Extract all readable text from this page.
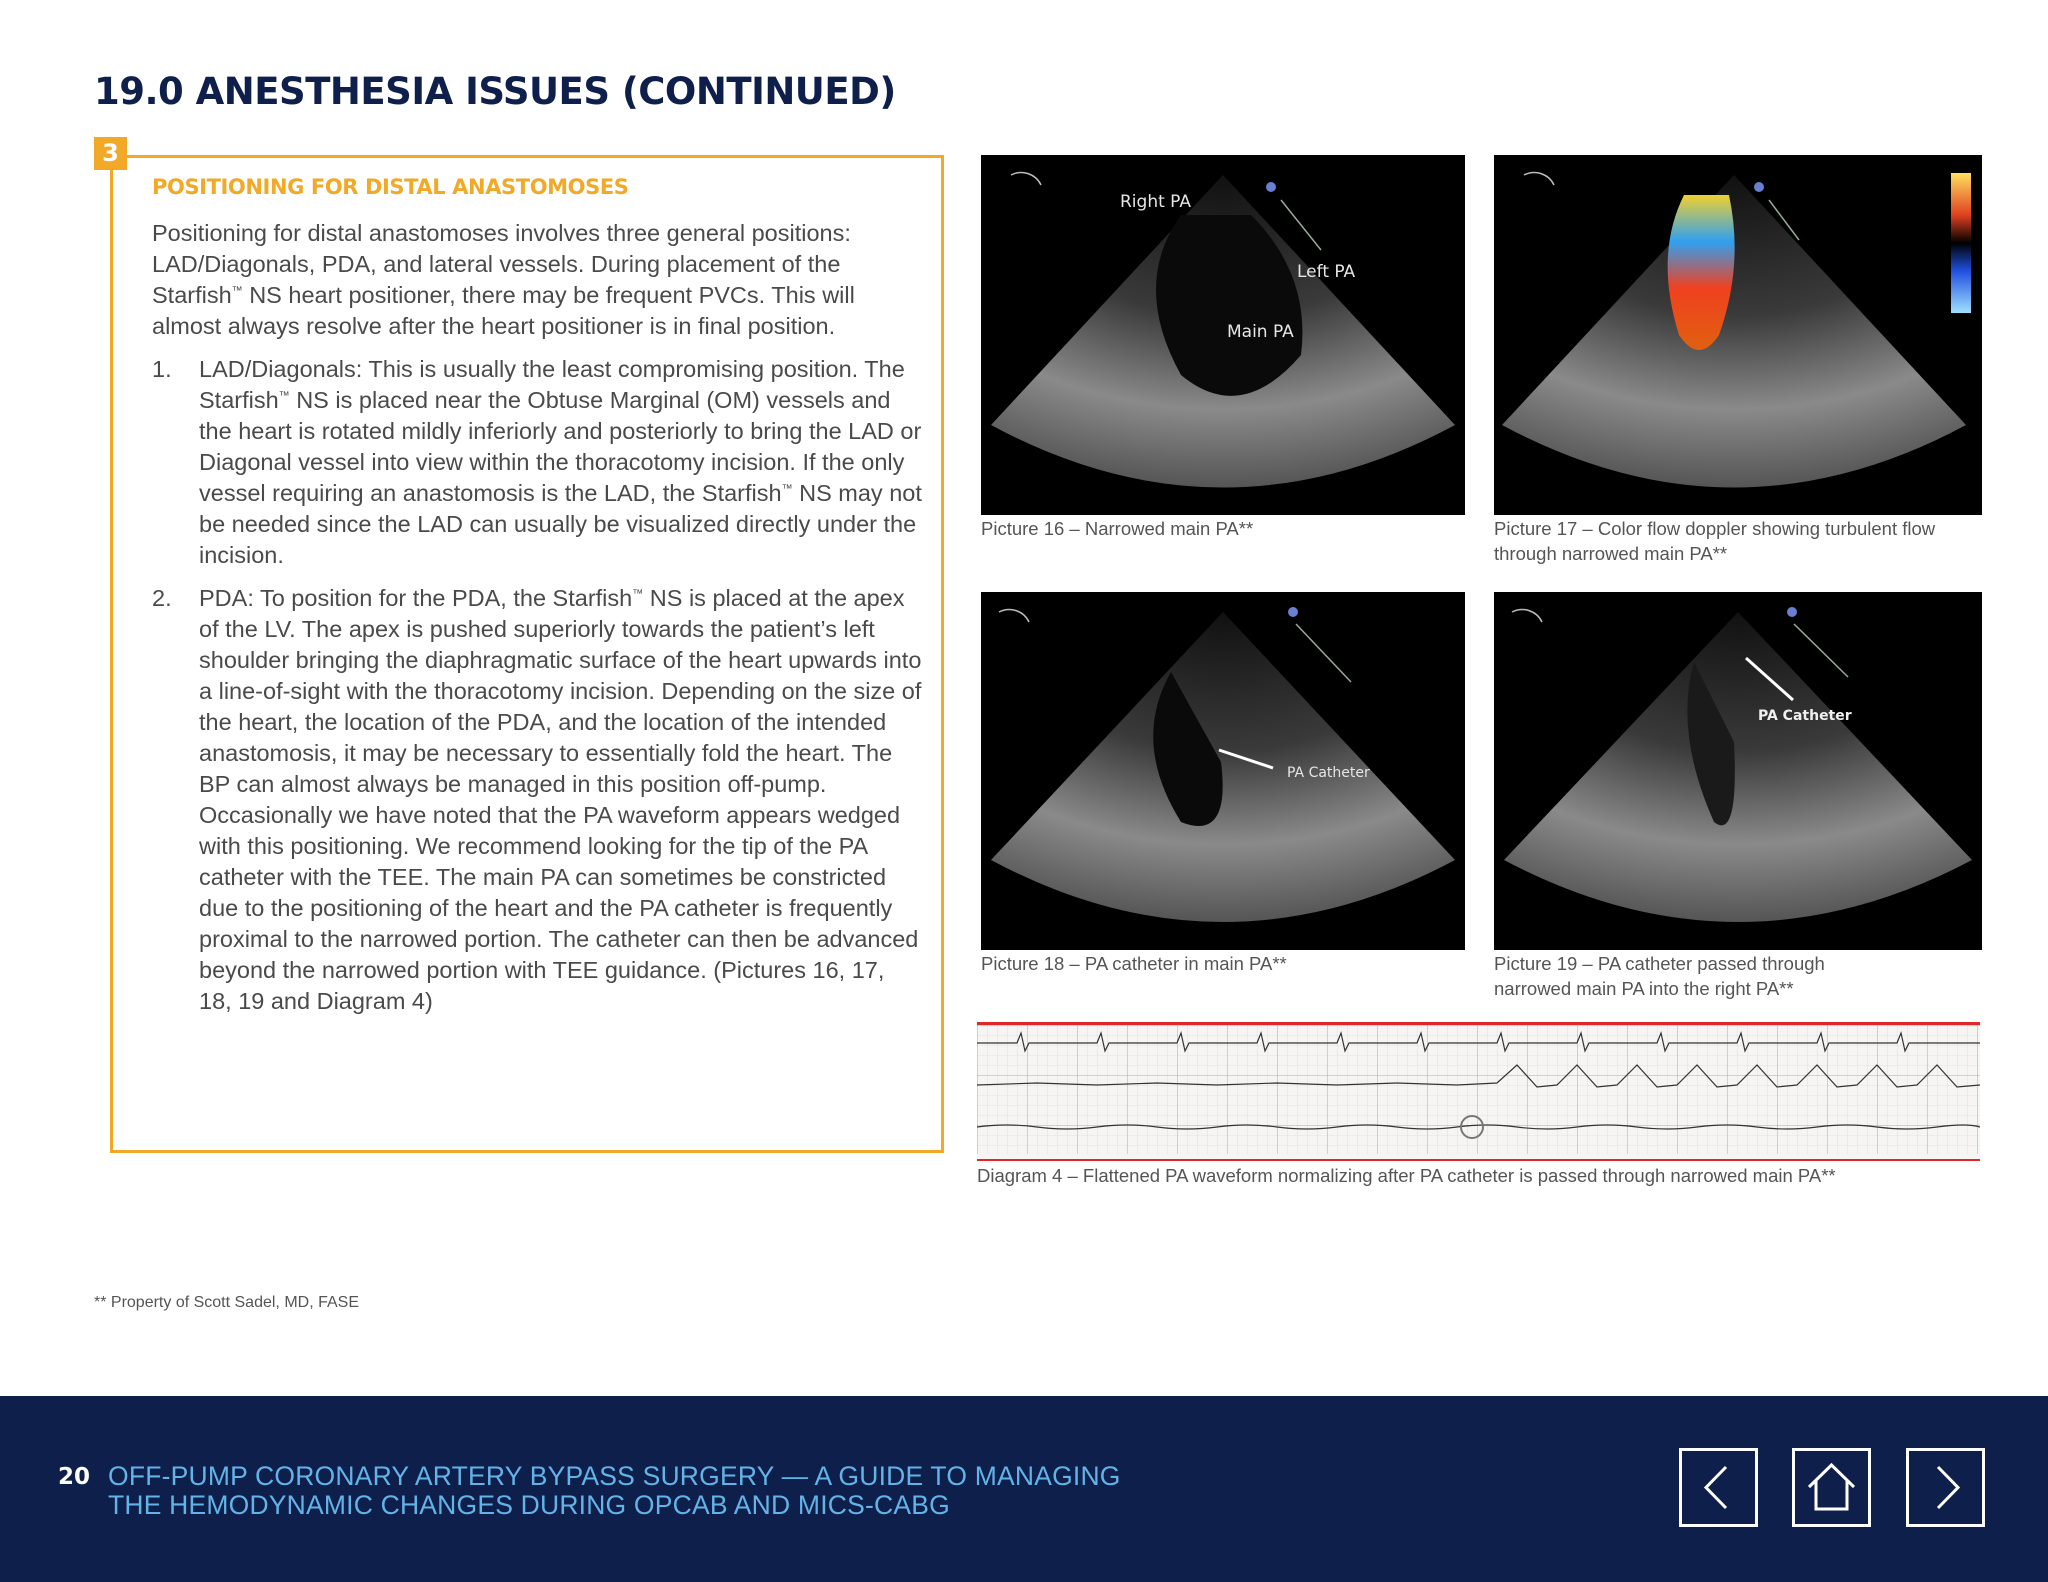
19.0 ANESTHESIA ISSUES (CONTINUED)
3
POSITIONING FOR DISTAL ANASTOMOSES

Positioning for distal anastomoses involves three general positions: LAD/Diagonals, PDA, and lateral vessels. During placement of the Starfish™ NS heart positioner, there may be frequent PVCs. This will almost always resolve after the heart positioner is in final position.

1. LAD/Diagonals: This is usually the least compromising position. The Starfish™ NS is placed near the Obtuse Marginal (OM) vessels and the heart is rotated mildly inferiorly and posteriorly to bring the LAD or Diagonal vessel into view within the thoracotomy incision. If the only vessel requiring an anastomosis is the LAD, the Starfish™ NS may not be needed since the LAD can usually be visualized directly under the incision.
2. PDA: To position for the PDA, the Starfish™ NS is placed at the apex of the LV. The apex is pushed superiorly towards the patient’s left shoulder bringing the diaphragmatic surface of the heart upwards into a line-of-sight with the thoracotomy incision. Depending on the size of the heart, the location of the PDA, and the location of the intended anastomosis, it may be necessary to essentially fold the heart. The BP can almost always be managed in this position off-pump. Occasionally we have noted that the PA waveform appears wedged with this positioning. We recommend looking for the tip of the PA catheter with the TEE. The main PA can sometimes be constricted due to the positioning of the heart and the PA catheter is frequently proximal to the narrowed portion. The catheter can then be advanced beyond the narrowed portion with TEE guidance. (Pictures 16, 17, 18, 19 and Diagram 4)
Right PA
Left PA
Main PA
Picture 16 – Narrowed main PA**	Picture 17 – Color flow doppler showing turbulent flow
through narrowed main PA**
PA Catheter
Picture 18 – PA catheter in main PA**
PA Catheter
Picture 19 – PA catheter passed through
narrowed main PA into the right PA**
Diagram 4 – Flattened PA waveform normalizing after PA catheter is passed through narrowed main PA**
** Property of Scott Sadel, MD, FASE
20 OFF-PUMP CORONARY ARTERY BYPASS SURGERY — A GUIDE TO MANAGING
THE HEMODYNAMIC CHANGES DURING OPCAB AND MICS-CABG
